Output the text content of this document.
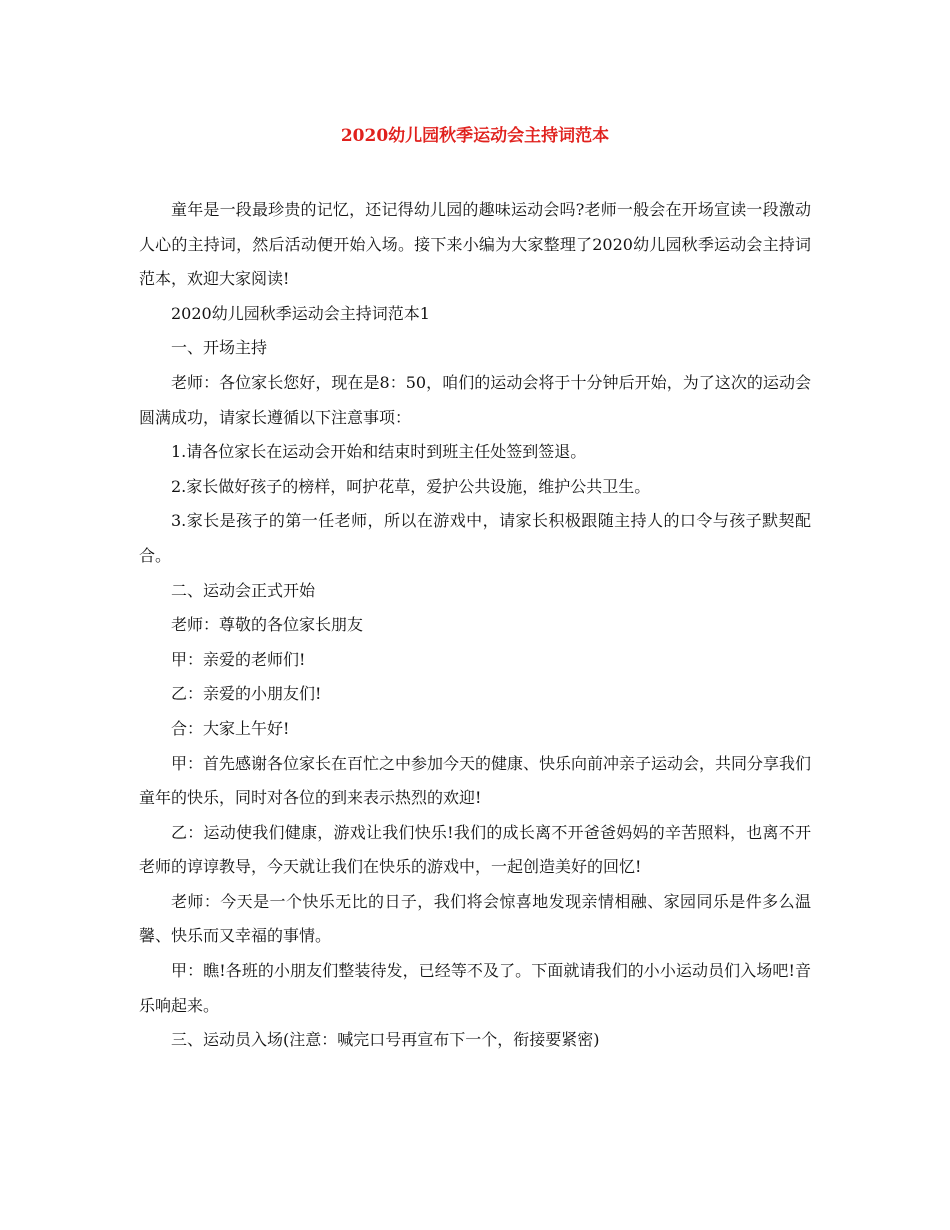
2020幼儿园秋季运动会主持词范本

童年是一段最珍贵的记忆，还记得幼儿园的趣味运动会吗?老师一般会在开场宣读一段激动人心的主持词，然后活动便开始入场。接下来小编为大家整理了2020幼儿园秋季运动会主持词范本，欢迎大家阅读!

2020幼儿园秋季运动会主持词范本1

一、开场主持

老师：各位家长您好，现在是8：50，咱们的运动会将于十分钟后开始，为了这次的运动会圆满成功，请家长遵循以下注意事项：

1.请各位家长在运动会开始和结束时到班主任处签到签退。

2.家长做好孩子的榜样，呵护花草，爱护公共设施，维护公共卫生。

3.家长是孩子的第一任老师，所以在游戏中，请家长积极跟随主持人的口令与孩子默契配合。

二、运动会正式开始

老师：尊敬的各位家长朋友

甲：亲爱的老师们!

乙：亲爱的小朋友们!

合：大家上午好!

甲：首先感谢各位家长在百忙之中参加今天的健康、快乐向前冲亲子运动会，共同分享我们童年的快乐，同时对各位的到来表示热烈的欢迎!

乙：运动使我们健康，游戏让我们快乐!我们的成长离不开爸爸妈妈的辛苦照料，也离不开老师的谆谆教导，今天就让我们在快乐的游戏中，一起创造美好的回忆!

老师：今天是一个快乐无比的日子，我们将会惊喜地发现亲情相融、家园同乐是件多么温馨、快乐而又幸福的事情。

甲：瞧!各班的小朋友们整装待发，已经等不及了。下面就请我们的小小运动员们入场吧!音乐响起来。

三、运动员入场(注意：喊完口号再宣布下一个，衔接要紧密)
